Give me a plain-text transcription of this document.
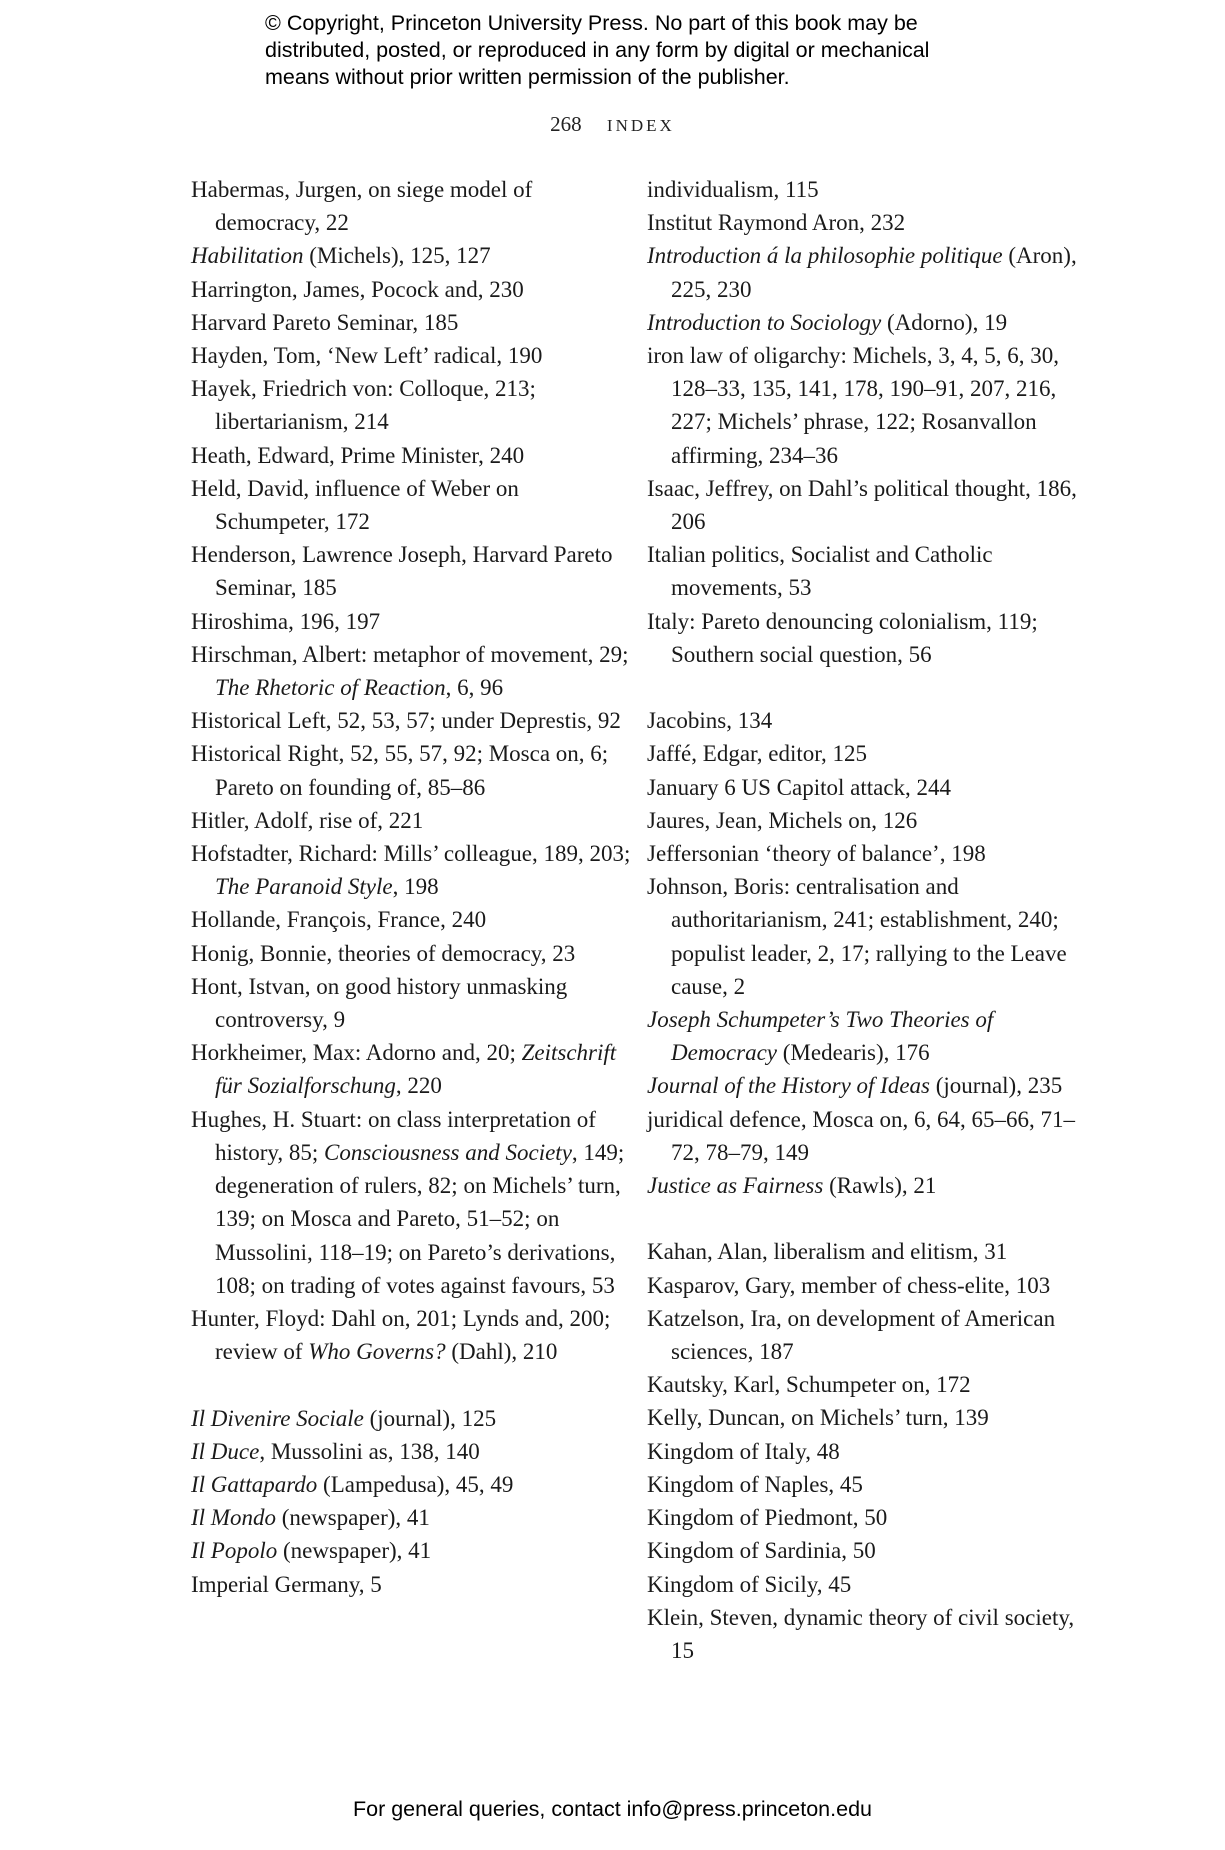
© Copyright, Princeton University Press. No part of this book may be
distributed, posted, or reproduced in any form by digital or mechanical
means without prior written permission of the publisher.
268 INDEX
Habermas, Jurgen, on siege model of democracy, 22
Habilitation (Michels), 125, 127
Harrington, James, Pocock and, 230
Harvard Pareto Seminar, 185
Hayden, Tom, ‘New Left’ radical, 190
Hayek, Friedrich von: Colloque, 213; libertarianism, 214
Heath, Edward, Prime Minister, 240
Held, David, influence of Weber on Schumpeter, 172
Henderson, Lawrence Joseph, Harvard Pareto Seminar, 185
Hiroshima, 196, 197
Hirschman, Albert: metaphor of movement, 29; The Rhetoric of Reaction, 6, 96
Historical Left, 52, 53, 57; under Deprestis, 92
Historical Right, 52, 55, 57, 92; Mosca on, 6; Pareto on founding of, 85–86
Hitler, Adolf, rise of, 221
Hofstadter, Richard: Mills’ colleague, 189, 203; The Paranoid Style, 198
Hollande, François, France, 240
Honig, Bonnie, theories of democracy, 23
Hont, Istvan, on good history unmasking controversy, 9
Horkheimer, Max: Adorno and, 20; Zeitschrift für Sozialforschung, 220
Hughes, H. Stuart: on class interpretation of history, 85; Consciousness and Society, 149; degeneration of rulers, 82; on Michels’ turn, 139; on Mosca and Pareto, 51–52; on Mussolini, 118–19; on Pareto’s derivations, 108; on trading of votes against favours, 53
Hunter, Floyd: Dahl on, 201; Lynds and, 200; review of Who Governs? (Dahl), 210
Il Divenire Sociale (journal), 125
Il Duce, Mussolini as, 138, 140
Il Gattapardo (Lampedusa), 45, 49
Il Mondo (newspaper), 41
Il Popolo (newspaper), 41
Imperial Germany, 5
individualism, 115
Institut Raymond Aron, 232
Introduction á la philosophie politique (Aron), 225, 230
Introduction to Sociology (Adorno), 19
iron law of oligarchy: Michels, 3, 4, 5, 6, 30, 128–33, 135, 141, 178, 190–91, 207, 216, 227; Michels’ phrase, 122; Rosanvallon affirming, 234–36
Isaac, Jeffrey, on Dahl’s political thought, 186, 206
Italian politics, Socialist and Catholic movements, 53
Italy: Pareto denouncing colonialism, 119; Southern social question, 56
Jacobins, 134
Jaffé, Edgar, editor, 125
January 6 US Capitol attack, 244
Jaures, Jean, Michels on, 126
Jeffersonian ‘theory of balance’, 198
Johnson, Boris: centralisation and authoritarianism, 241; establishment, 240; populist leader, 2, 17; rallying to the Leave cause, 2
Joseph Schumpeter’s Two Theories of Democracy (Medearis), 176
Journal of the History of Ideas (journal), 235
juridical defence, Mosca on, 6, 64, 65–66, 71–72, 78–79, 149
Justice as Fairness (Rawls), 21
Kahan, Alan, liberalism and elitism, 31
Kasparov, Gary, member of chess-elite, 103
Katzelson, Ira, on development of American sciences, 187
Kautsky, Karl, Schumpeter on, 172
Kelly, Duncan, on Michels’ turn, 139
Kingdom of Italy, 48
Kingdom of Naples, 45
Kingdom of Piedmont, 50
Kingdom of Sardinia, 50
Kingdom of Sicily, 45
Klein, Steven, dynamic theory of civil society, 15
For general queries, contact info@press.princeton.edu
